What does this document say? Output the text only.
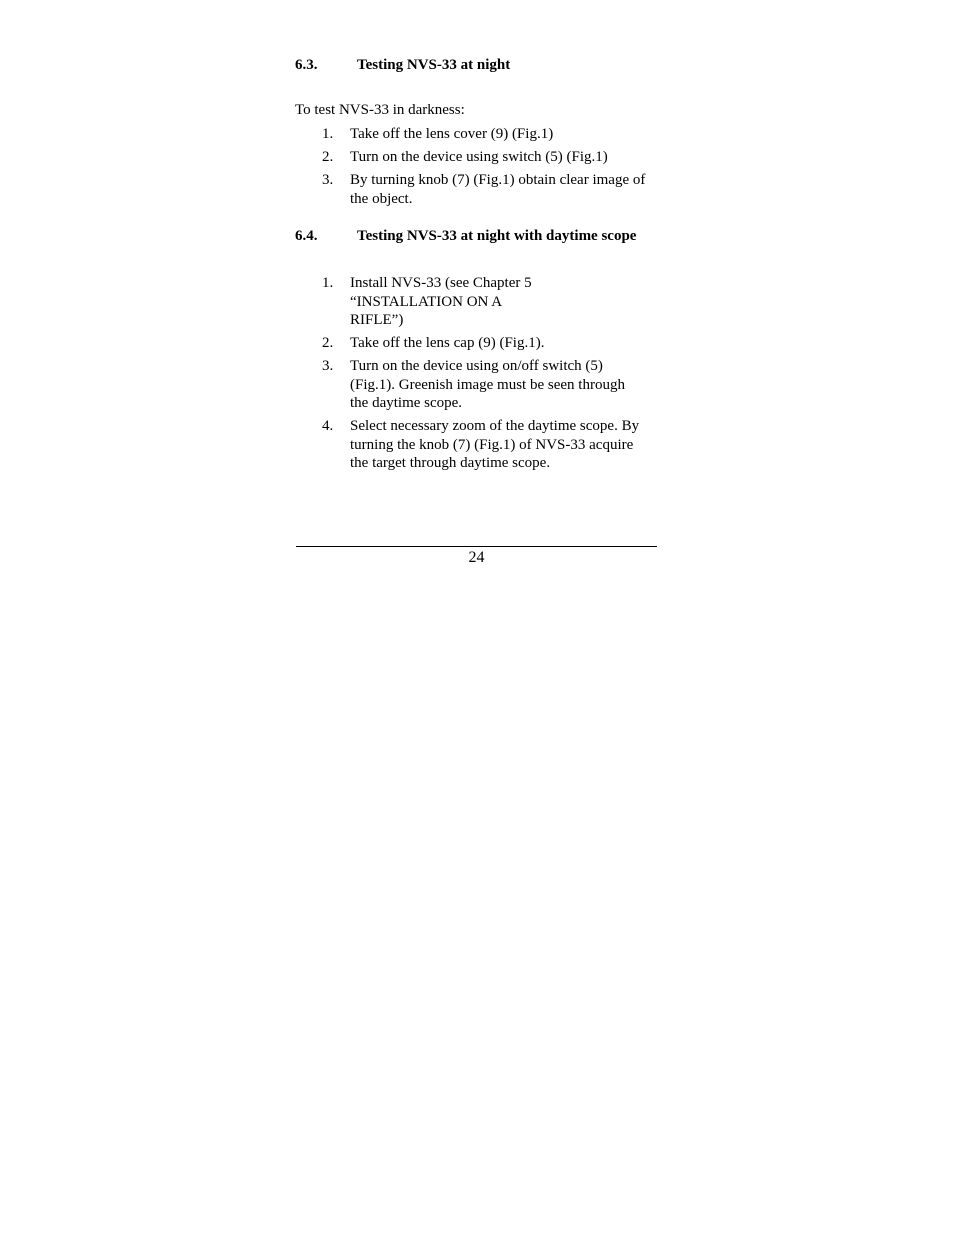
6.3.	Testing NVS-33 at night
To test NVS-33 in darkness:
1. Take off the lens cover (9) (Fig.1)
2. Turn on the device using switch (5) (Fig.1)
3. By turning knob (7) (Fig.1) obtain clear image of the object.
6.4.	Testing NVS-33 at night with daytime scope
1. Install NVS-33 (see Chapter 5 “INSTALLATION ON A RIFLE”)
2. Take off the lens cap (9) (Fig.1).
3. Turn on the device using on/off switch (5) (Fig.1). Greenish image must be seen through the daytime scope.
4. Select necessary zoom of the daytime scope. By turning the knob (7) (Fig.1) of NVS-33 acquire the target through daytime scope.
24
